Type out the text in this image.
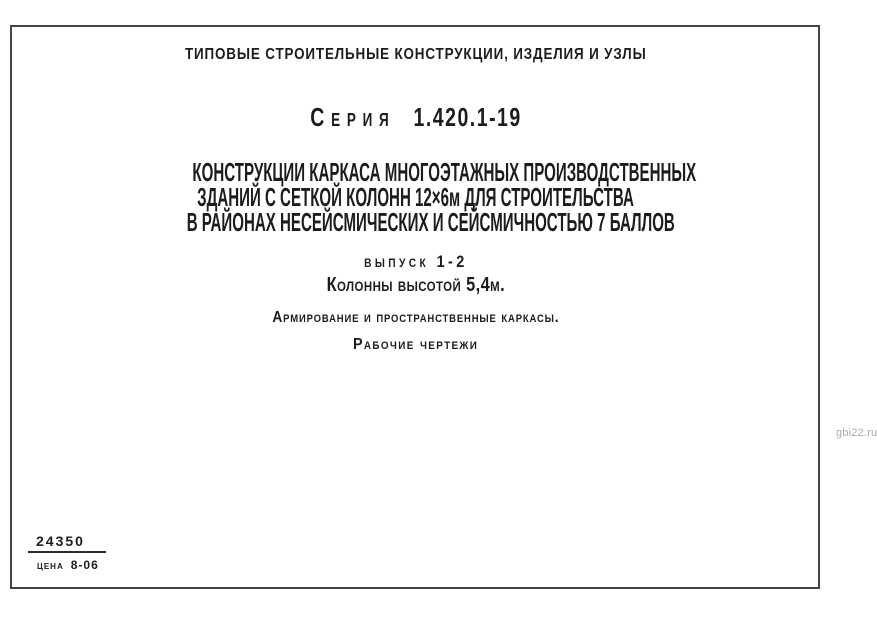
ТИПОВЫЕ СТРОИТЕЛЬНЫЕ КОНСТРУКЦИИ, ИЗДЕЛИЯ И УЗЛЫ
Серия 1.420.1-19
КОНСТРУКЦИИ КАРКАСА МНОГОЭТАЖНЫХ ПРОИЗВОДСТВЕННЫХ
ЗДАНИЙ С СЕТКОЙ КОЛОНН 12×6м ДЛЯ СТРОИТЕЛЬСТВА
В РАЙОНАХ НЕСЕЙСМИЧЕСКИХ И СЕЙСМИЧНОСТЬЮ 7 БАЛЛОВ
выпуск 1-2
Колонны высотой 5,4м.
Армирование и пространственные каркасы.
Рабочие чертежи
24350
цена 8-06
gbi22.ru
